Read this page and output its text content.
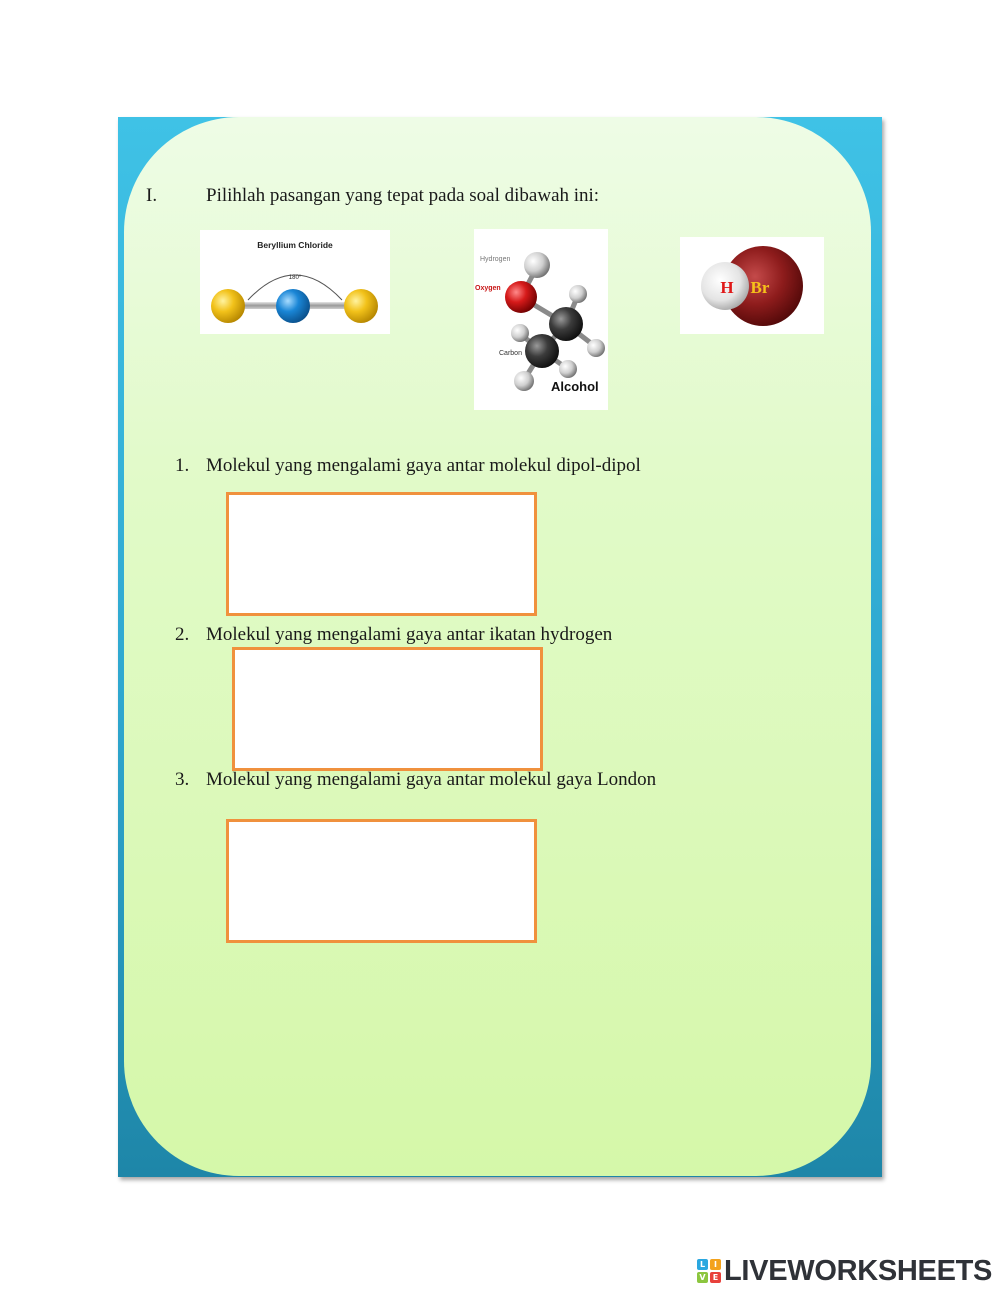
I.	Pilihlah pasangan yang tepat pada soal dibawah ini:
Beryllium Chloride
180°
Hydrogen
Oxygen
Carbon
Alcohol
H Br
1. Molekul yang mengalami gaya antar molekul dipol-dipol
2. Molekul yang mengalami gaya antar ikatan hydrogen
3. Molekul yang mengalami gaya antar molekul gaya London
L	I
V E LIVEWORKSHEETS
